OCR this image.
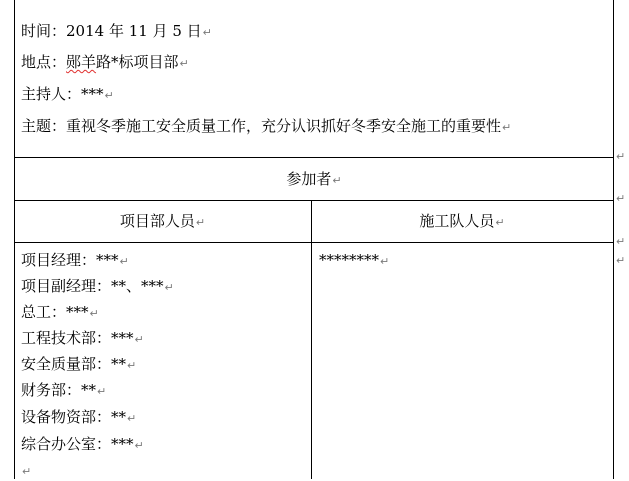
时间：2014 年 11 月 5 日↵
地点：郧羊路*标项目部↵
主持人：***↵
主题：重视冬季施工安全质量工作，充分认识抓好冬季安全施工的重要性↵
↵
参加者↵
↵
项目部人员↵	施工队人员↵
↵
项目经理：***↵
项目副经理：**、***↵
总工：***↵
工程技术部：***↵
安全质量部：**↵
财务部：**↵
设备物资部：**↵
综合办公室：***↵
↵
********↵	↵
